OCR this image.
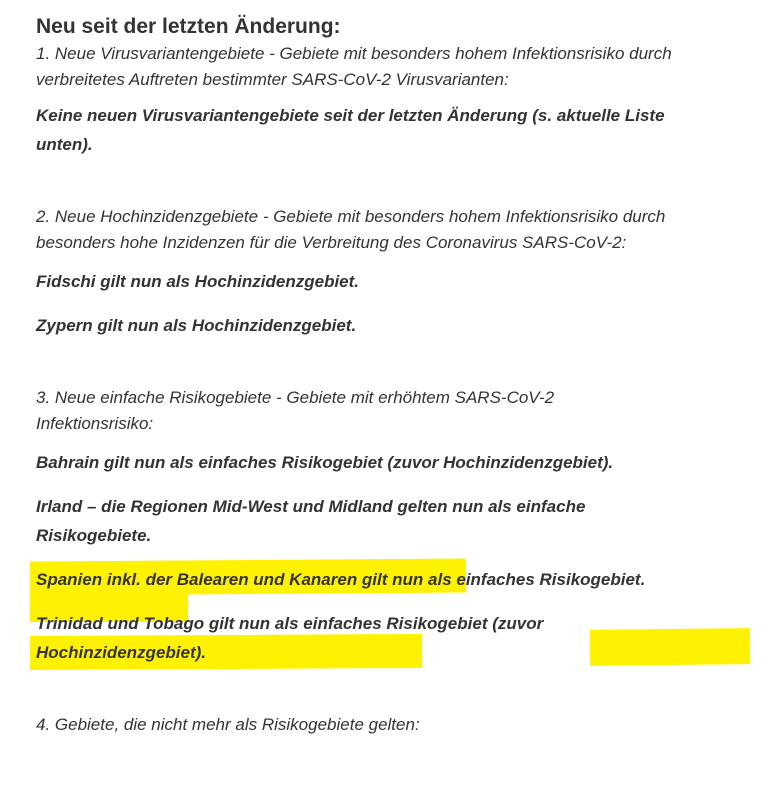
Neu seit der letzten Änderung:

1. Neue Virusvariantengebiete - Gebiete mit besonders hohem Infektionsrisiko durch verbreitetes Auftreten bestimmter SARS-CoV-2 Virusvarianten:

Keine neuen Virusvariantengebiete seit der letzten Änderung (s. aktuelle Liste unten).

2. Neue Hochinzidenzgebiete - Gebiete mit besonders hohem Infektionsrisiko durch besonders hohe Inzidenzen für die Verbreitung des Coronavirus SARS-CoV-2:

Fidschi gilt nun als Hochinzidenzgebiet.

Zypern gilt nun als Hochinzidenzgebiet.

3. Neue einfache Risikogebiete - Gebiete mit erhöhtem SARS-CoV-2 Infektionsrisiko:

Bahrain gilt nun als einfaches Risikogebiet (zuvor Hochinzidenzgebiet).

Irland – die Regionen Mid-West und Midland gelten nun als einfache Risikogebiete.

Spanien inkl. der Balearen und Kanaren gilt nun als einfaches Risikogebiet.

Trinidad und Tobago gilt nun als einfaches Risikogebiet (zuvor Hochinzidenzgebiet).

4. Gebiete, die nicht mehr als Risikogebiete gelten:
